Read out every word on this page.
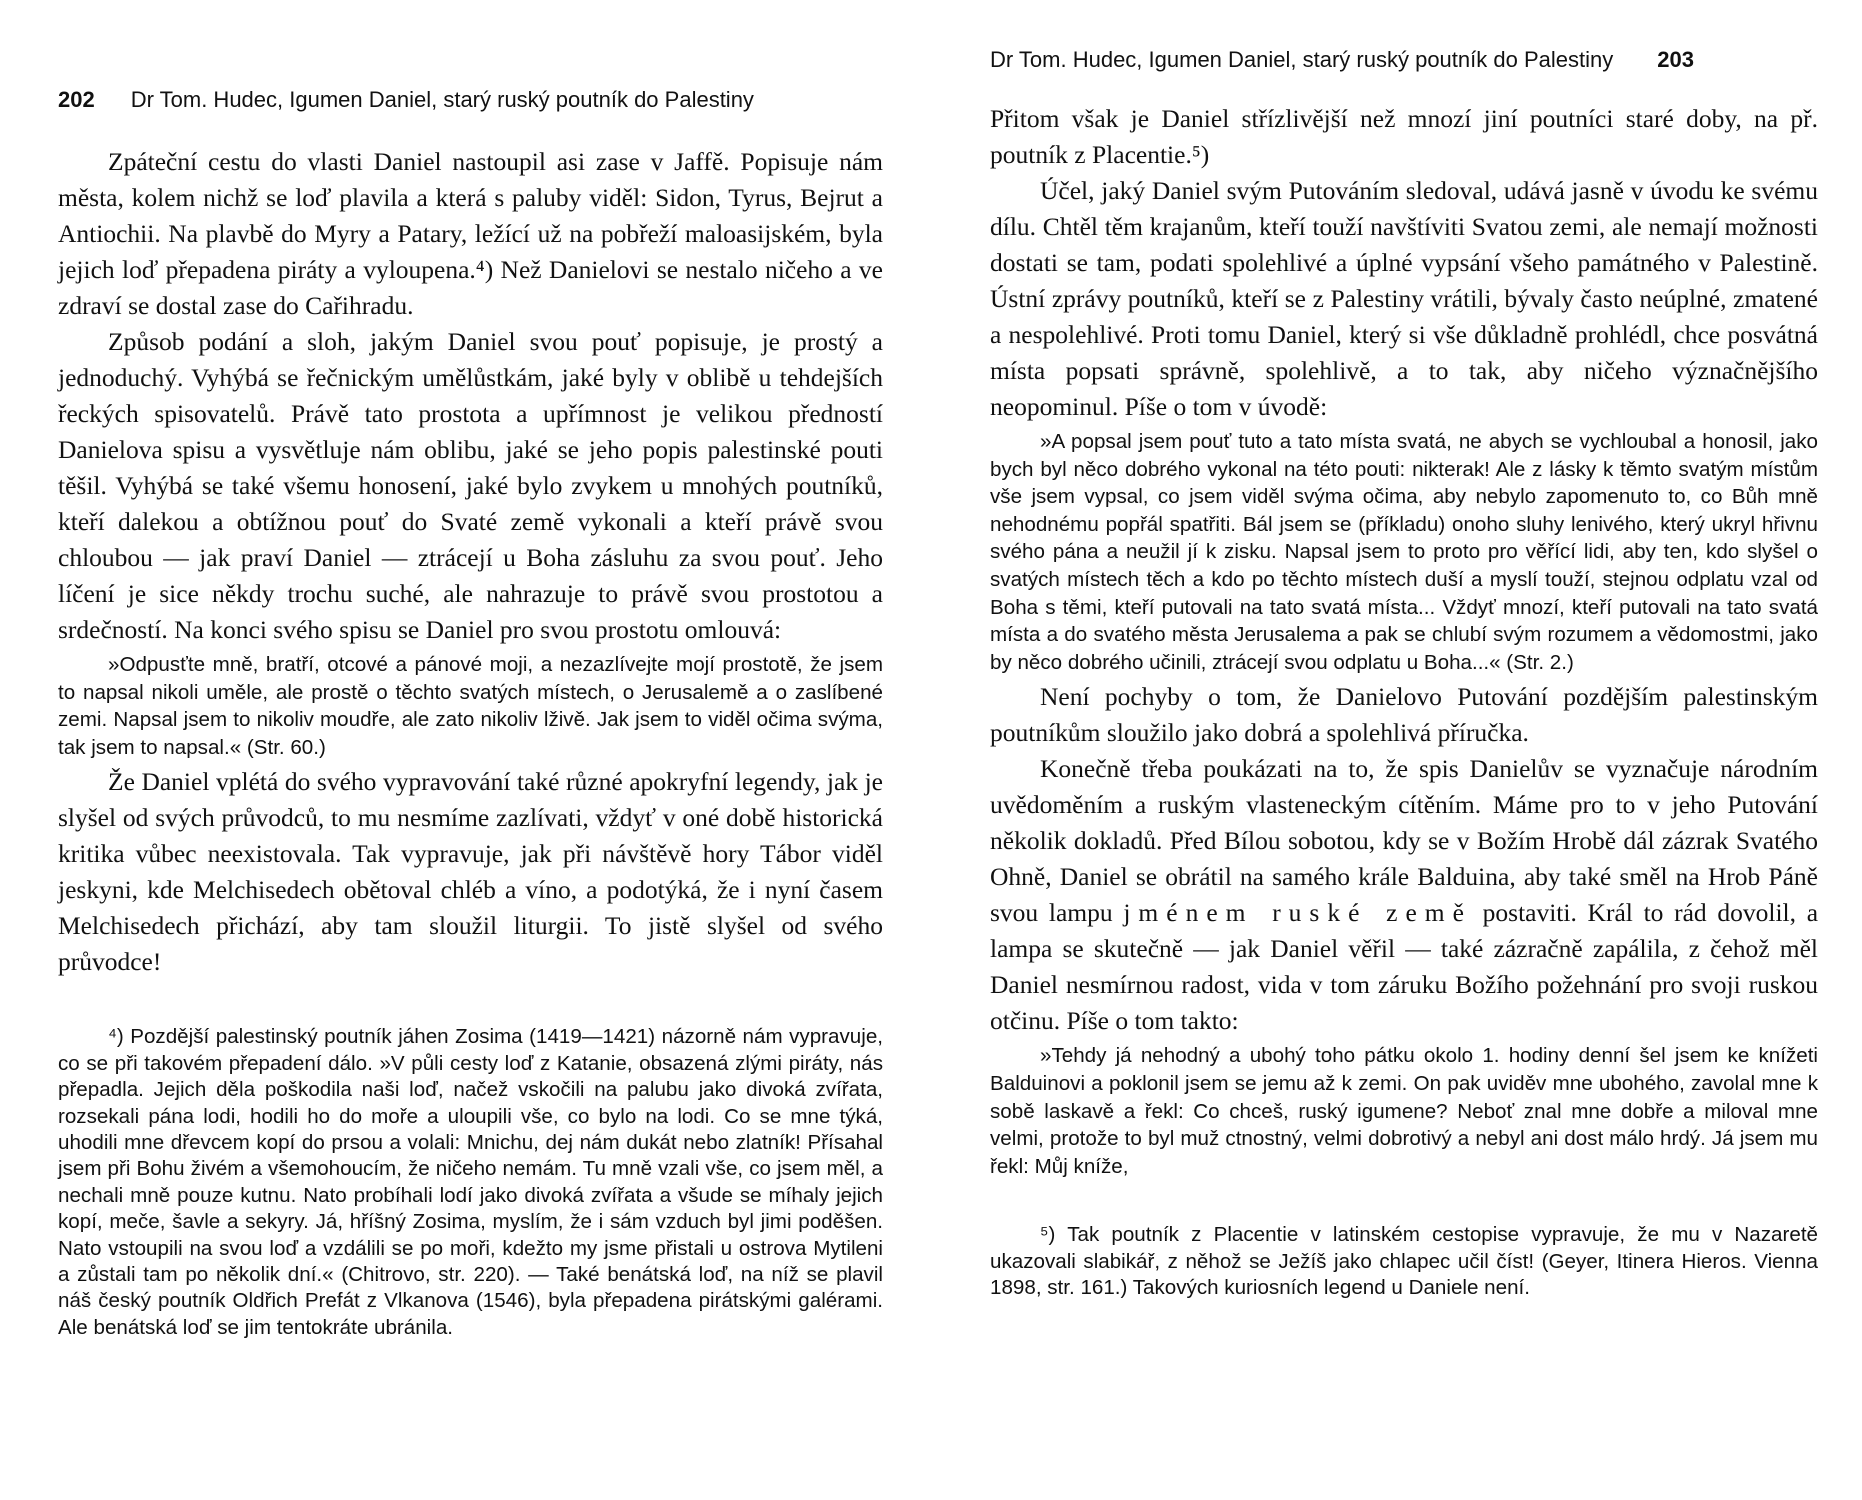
202 Dr Tom. Hudec, Igumen Daniel, starý ruský poutník do Palestiny

Zpáteční cestu do vlasti Daniel nastoupil asi zase v Jaffě. Popisuje nám města, kolem nichž se loď plavila a která s paluby viděl: Sidon, Tyrus, Bejrut a Antiochii. Na plavbě do Myry a Patary, ležící už na pobřeží maloasijském, byla jejich loď přepadena piráty a vyloupena.⁴) Než Danielovi se nestalo ničeho a ve zdraví se dostal zase do Cařihradu.

Způsob podání a sloh, jakým Daniel svou pouť popisuje, je prostý a jednoduchý. Vyhýbá se řečnickým umělůstkám, jaké byly v oblibě u tehdejších řeckých spisovatelů. Právě tato prostota a upřímnost je velikou předností Danielova spisu a vysvětluje nám oblibu, jaké se jeho popis palestinské pouti těšil. Vyhýbá se také všemu honosení, jaké bylo zvykem u mnohých poutníků, kteří dalekou a obtížnou pouť do Svaté země vykonali a kteří právě svou chloubou — jak praví Daniel — ztrácejí u Boha zásluhu za svou pouť. Jeho líčení je sice někdy trochu suché, ale nahrazuje to právě svou prostotou a srdečností. Na konci svého spisu se Daniel pro svou prostotu omlouvá:

»Odpusťte mně, bratří, otcové a pánové moji, a nezazlívejte mojí prostotě, že jsem to napsal nikoli uměle, ale prostě o těchto svatých místech, o Jerusalemě a o zaslíbené zemi. Napsal jsem to nikoliv moudře, ale zato nikoliv lživě. Jak jsem to viděl očima svýma, tak jsem to napsal.« (Str. 60.)

Že Daniel vplétá do svého vypravování také různé apokryfní legendy, jak je slyšel od svých průvodců, to mu nesmíme zazlívati, vždyť v oné době historická kritika vůbec neexistovala. Tak vypravuje, jak při návštěvě hory Tábor viděl jeskyni, kde Melchisedech obětoval chléb a víno, a podotýká, že i nyní časem Melchisedech přichází, aby tam sloužil liturgii. To jistě slyšel od svého průvodce!

⁴) Pozdější palestinský poutník jáhen Zosima (1419—1421) názorně nám vypravuje, co se při takovém přepadení dálo. »V půli cesty loď z Katanie, obsazená zlými piráty, nás přepadla. Jejich děla poškodila naši loď, načež vskočili na palubu jako divoká zvířata, rozsekali pána lodi, hodili ho do moře a uloupili vše, co bylo na lodi. Co se mne týká, uhodili mne dřevcem kopí do prsou a volali: Mnichu, dej nám dukát nebo zlatník! Přísahal jsem při Bohu živém a všemohoucím, že ničeho nemám. Tu mně vzali vše, co jsem měl, a nechali mně pouze kutnu. Nato probíhali lodí jako divoká zvířata a všude se míhaly jejich kopí, meče, šavle a sekyry. Já, hříšný Zosima, myslím, že i sám vzduch byl jimi poděšen. Nato vstoupili na svou loď a vzdálili se po moři, kdežto my jsme přistali u ostrova Mytileni a zůstali tam po několik dní.« (Chitrovo, str. 220). — Také benátská loď, na níž se plavil náš český poutník Oldřich Prefát z Vlkanova (1546), byla přepadena pirátskými galérami. Ale benátská loď se jim tentokráte ubránila.
Dr Tom. Hudec, Igumen Daniel, starý ruský poutník do Palestiny 203

Přitom však je Daniel střízlivější než mnozí jiní poutníci staré doby, na př. poutník z Placentie.⁵)

Účel, jaký Daniel svým Putováním sledoval, udává jasně v úvodu ke svému dílu. Chtěl těm krajanům, kteří touží navštíviti Svatou zemi, ale nemají možnosti dostati se tam, podati spolehlivé a úplné vypsání všeho památného v Palestině. Ústní zprávy poutníků, kteří se z Palestiny vrátili, bývaly často neúplné, zmatené a nespolehlivé. Proti tomu Daniel, který si vše důkladně prohlédl, chce posvátná místa popsati správně, spolehlivě, a to tak, aby ničeho význačnějšího neopominul. Píše o tom v úvodě:

»A popsal jsem pouť tuto a tato místa svatá, ne abych se vychloubal a honosil, jako bych byl něco dobrého vykonal na této pouti: nikterak! Ale z lásky k těmto svatým místům vše jsem vypsal, co jsem viděl svýma očima, aby nebylo zapomenuto to, co Bůh mně nehodnému popřál spatřiti. Bál jsem se (příkladu) onoho sluhy lenivého, který ukryl hřivnu svého pána a neužil jí k zisku. Napsal jsem to proto pro věřící lidi, aby ten, kdo slyšel o svatých místech těch a kdo po těchto místech duší a myslí touží, stejnou odplatu vzal od Boha s těmi, kteří putovali na tato svatá místa... Vždyť mnozí, kteří putovali na tato svatá místa a do svatého města Jerusalema a pak se chlubí svým rozumem a vědomostmi, jako by něco dobrého učinili, ztrácejí svou odplatu u Boha...« (Str. 2.)

Není pochyby o tom, že Danielovo Putování pozdějším palestinským poutníkům sloužilo jako dobrá a spolehlivá příručka.

Konečně třeba poukázati na to, že spis Danielův se vyznačuje národním uvědoměním a ruským vlasteneckým cítěním. Máme pro to v jeho Putování několik dokladů. Před Bílou sobotou, kdy se v Božím Hrobě dál zázrak Svatého Ohně, Daniel se obrátil na samého krále Balduina, aby také směl na Hrob Páně svou lampu jménem ruské země postaviti. Král to rád dovolil, a lampa se skutečně — jak Daniel věřil — také zázračně zapálila, z čehož měl Daniel nesmírnou radost, vida v tom záruku Božího požehnání pro svoji ruskou otčinu. Píše o tom takto:

»Tehdy já nehodný a ubohý toho pátku okolo 1. hodiny denní šel jsem ke knížeti Balduinovi a poklonil jsem se jemu až k zemi. On pak uviděv mne ubohého, zavolal mne k sobě laskavě a řekl: Co chceš, ruský igumene? Neboť znal mne dobře a miloval mne velmi, protože to byl muž ctnostný, velmi dobrotivý a nebyl ani dost málo hrdý. Já jsem mu řekl: Můj kníže,
⁵) Tak poutník z Placentie v latinském cestopise vypravuje, že mu v Nazaretě ukazovali slabikář, z něhož se Ježíš jako chlapec učil číst! (Geyer, Itinera Hieros. Vienna 1898, str. 161.) Takových kuriosních legend u Daniele není.
